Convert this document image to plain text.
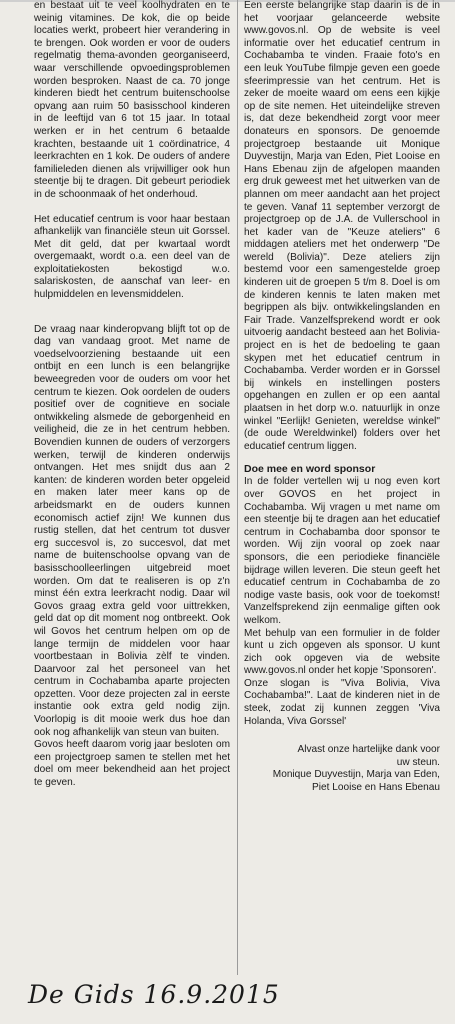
en bestaat uit te veel koolhydraten en te weinig vitamines. De kok, die op beide locaties werkt, probeert hier verandering in te brengen. Ook worden er voor de ouders regelmatig thema-avonden georganiseerd, waar verschillende opvoedingsproblemen worden besproken. Naast de ca. 70 jonge kinderen biedt het centrum buitenschoolse opvang aan ruim 50 basisschool kinderen in de leeftijd van 6 tot 15 jaar. In totaal werken er in het centrum 6 betaalde krachten, bestaande uit 1 coördinatrice, 4 leerkrachten en 1 kok. De ouders of andere familieleden dienen als vrijwilliger ook hun steentje bij te dragen. Dit gebeurt periodiek in de schoonmaak of het onderhoud.

Het educatief centrum is voor haar bestaan afhankelijk van financiële steun uit Gorssel. Met dit geld, dat per kwartaal wordt overgemaakt, wordt o.a. een deel van de exploitatiekosten bekostigd w.o. salariskosten, de aanschaf van leer- en hulpmiddelen en levensmiddelen.

De vraag naar kinderopvang blijft tot op de dag van vandaag groot. Met name de voedselvoorziening bestaande uit een ontbijt en een lunch is een belangrijke beweegreden voor de ouders om voor het centrum te kiezen. Ook oordelen de ouders positief over de cognitieve en sociale ontwikkeling alsmede de geborgenheid en veiligheid, die ze in het centrum hebben. Bovendien kunnen de ouders of verzorgers werken, terwijl de kinderen onderwijs ontvangen. Het mes snijdt dus aan 2 kanten: de kinderen worden beter opgeleid en maken later meer kans op de arbeidsmarkt en de ouders kunnen economisch actief zijn! We kunnen dus rustig stellen, dat het centrum tot dusver erg succesvol is, zo succesvol, dat met name de buitenschoolse opvang van de basisschoolleerlingen uitgebreid moet worden. Om dat te realiseren is op z'n minst één extra leerkracht nodig. Daar wil Govos graag extra geld voor uittrekken, geld dat op dit moment nog ontbreekt. Ook wil Govos het centrum helpen om op de lange termijn de middelen voor haar voortbestaan in Bolivia zèlf te vinden. Daarvoor zal het personeel van het centrum in Cochabamba aparte projecten opzetten. Voor deze projecten zal in eerste instantie ook extra geld nodig zijn. Voorlopig is dit mooie werk dus hoe dan ook nog afhankelijk van steun van buiten.

Govos heeft daarom vorig jaar besloten om een projectgroep samen te stellen met het doel om meer bekendheid aan het project te geven.

Een eerste belangrijke stap daarin is de in het voorjaar gelanceerde website www.govos.nl. Op de website is veel informatie over het educatief centrum in Cochabamba te vinden. Fraaie foto's en een leuk YouTube filmpje geven een goede sfeerimpressie van het centrum. Het is zeker de moeite waard om eens een kijkje op de site nemen. Het uiteindelijke streven is, dat deze bekendheid zorgt voor meer donateurs en sponsors. De genoemde projectgroep bestaande uit Monique Duyvestijn, Marja van Eden, Piet Looise en Hans Ebenau zijn de afgelopen maanden erg druk geweest met het uitwerken van de plannen om meer aandacht aan het project te geven. Vanaf 11 september verzorgt de projectgroep op de J.A. de Vullerschool in het kader van de "Keuze ateliers" 6 middagen ateliers met het onderwerp "De wereld (Bolivia)". Deze ateliers zijn bestemd voor een samengestelde groep kinderen uit de groepen 5 t/m 8. Doel is om de kinderen kennis te laten maken met begrippen als bijv. ontwikkelingslanden en Fair Trade. Vanzelfsprekend wordt er ook uitvoerig aandacht besteed aan het Bolivia-project en is het de bedoeling te gaan skypen met het educatief centrum in Cochabamba. Verder worden er in Gorssel bij winkels en instellingen posters opgehangen en zullen er op een aantal plaatsen in het dorp w.o. natuurlijk in onze winkel "Eerlijk! Genieten, wereldse winkel" (de oude Wereldwinkel) folders over het educatief centrum liggen.

Doe mee en word sponsor

In de folder vertellen wij u nog even kort over GOVOS en het project in Cochabamba. Wij vragen u met name om een steentje bij te dragen aan het educatief centrum in Cochabamba door sponsor te worden. Wij zijn vooral op zoek naar sponsors, die een periodieke financiële bijdrage willen leveren. Die steun geeft het educatief centrum in Cochabamba de zo nodige vaste basis, ook voor de toekomst! Vanzelfsprekend zijn eenmalige giften ook welkom.

Met behulp van een formulier in de folder kunt u zich opgeven als sponsor. U kunt zich ook opgeven via de website www.govos.nl onder het kopje 'Sponsoren'.

Onze slogan is "Viva Bolivia, Viva Cochabamba!". Laat de kinderen niet in de steek, zodat zij kunnen zeggen 'Viva Holanda, Viva Gorssel'

Alvast onze hartelijke dank voor uw steun.

Monique Duyvestijn, Marja van Eden, Piet Looise en Hans Ebenau

De Gids 16.9.2015
